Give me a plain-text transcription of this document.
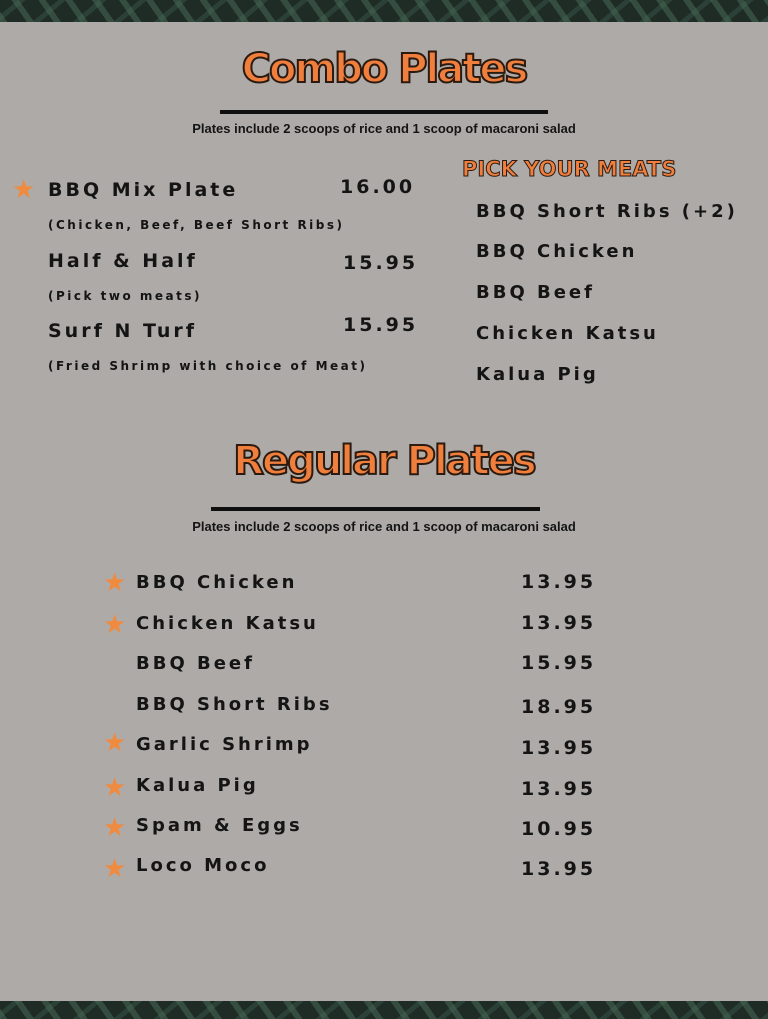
Combo Plates
Plates include 2 scoops of rice and 1 scoop of macaroni salad
★ BBQ Mix Plate	16.00
(Chicken, Beef, Beef Short Ribs)
Half & Half	15.95
(Pick two meats)
Surf N Turf	15.95
(Fried Shrimp with choice of Meat)
PICK YOUR MEATS
BBQ Short Ribs (+2)
BBQ Chicken
BBQ Beef
Chicken Katsu
Kalua Pig
Regular Plates
Plates include 2 scoops of rice and 1 scoop of macaroni salad
★ BBQ Chicken	13.95
★ Chicken Katsu	13.95
BBQ Beef	15.95
BBQ Short Ribs	18.95
★ Garlic Shrimp	13.95
★ Kalua Pig	13.95
★ Spam & Eggs	10.95
★ Loco Moco	13.95
